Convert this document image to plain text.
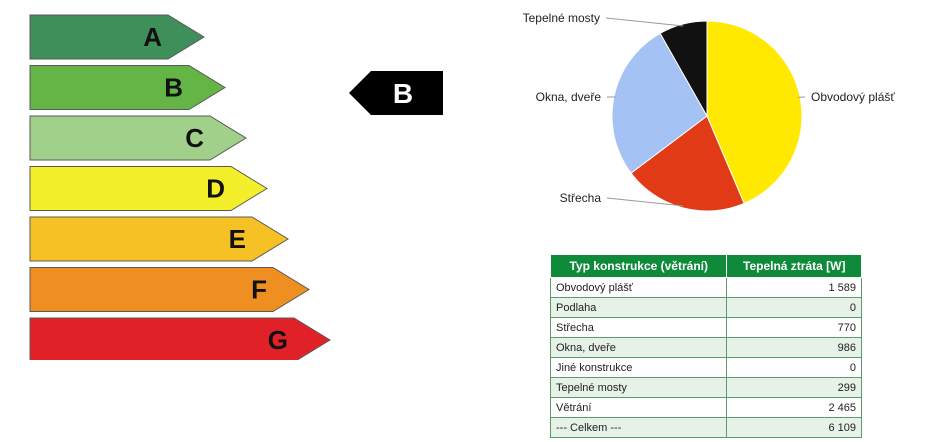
A
B
C
D
E
F
G
B	Obvodový plášť
Střecha
Okna, dveře
Tepelné mosty
Typ konstrukce (větrání)	Tepelná ztráta [W]
Obvodový plášť	1 589
Podlaha	0
Střecha	770
Okna, dveře	986
Jiné konstrukce	0
Tepelné mosty	299
Větrání	2 465
--- Celkem ---	6 109
